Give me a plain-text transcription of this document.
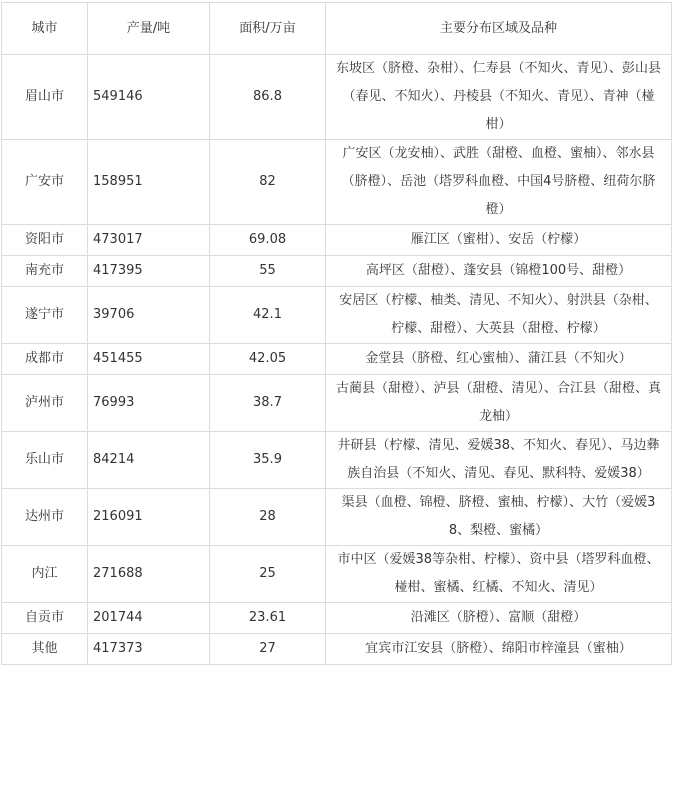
城市	产量/吨	面积/万亩	主要分布区域及品种
眉山市	549146	86.8	东坡区（脐橙、杂柑）、仁寿县（不知火、青见）、彭山县（春见、不知火）、丹棱县（不知火、青见）、青神（椪柑）
广安市	158951	82	广安区（龙安柚）、武胜（甜橙、血橙、蜜柚）、邻水县（脐橙）、岳池（塔罗科血橙、中国4号脐橙、纽荷尔脐橙）
资阳市	473017	69.08	雁江区（蜜柑）、安岳（柠檬）
南充市	417395	55	高坪区（甜橙）、蓬安县（锦橙100号、甜橙）
遂宁市	39706	42.1	安居区（柠檬、柚类、清见、不知火）、射洪县（杂柑、柠檬、甜橙）、大英县（甜橙、柠檬）
成都市	451455	42.05	金堂县（脐橙、红心蜜柚）、蒲江县（不知火）
泸州市	76993	38.7	古蔺县（甜橙）、泸县（甜橙、清见）、合江县（甜橙、真龙柚）
乐山市	84214	35.9	井研县（柠檬、清见、爱媛38、不知火、春见）、马边彝族自治县（不知火、清见、春见、默科特、爱媛38）
达州市	216091	28	渠县（血橙、锦橙、脐橙、蜜柚、柠檬）、大竹（爱媛38、梨橙、蜜橘）
内江	271688	25	市中区（爱媛38等杂柑、柠檬）、资中县（塔罗科血橙、椪柑、蜜橘、红橘、不知火、清见）
自贡市	201744	23.61	沿滩区（脐橙）、富顺（甜橙）
其他	417373	27	宜宾市江安县（脐橙）、绵阳市梓潼县（蜜柚）
